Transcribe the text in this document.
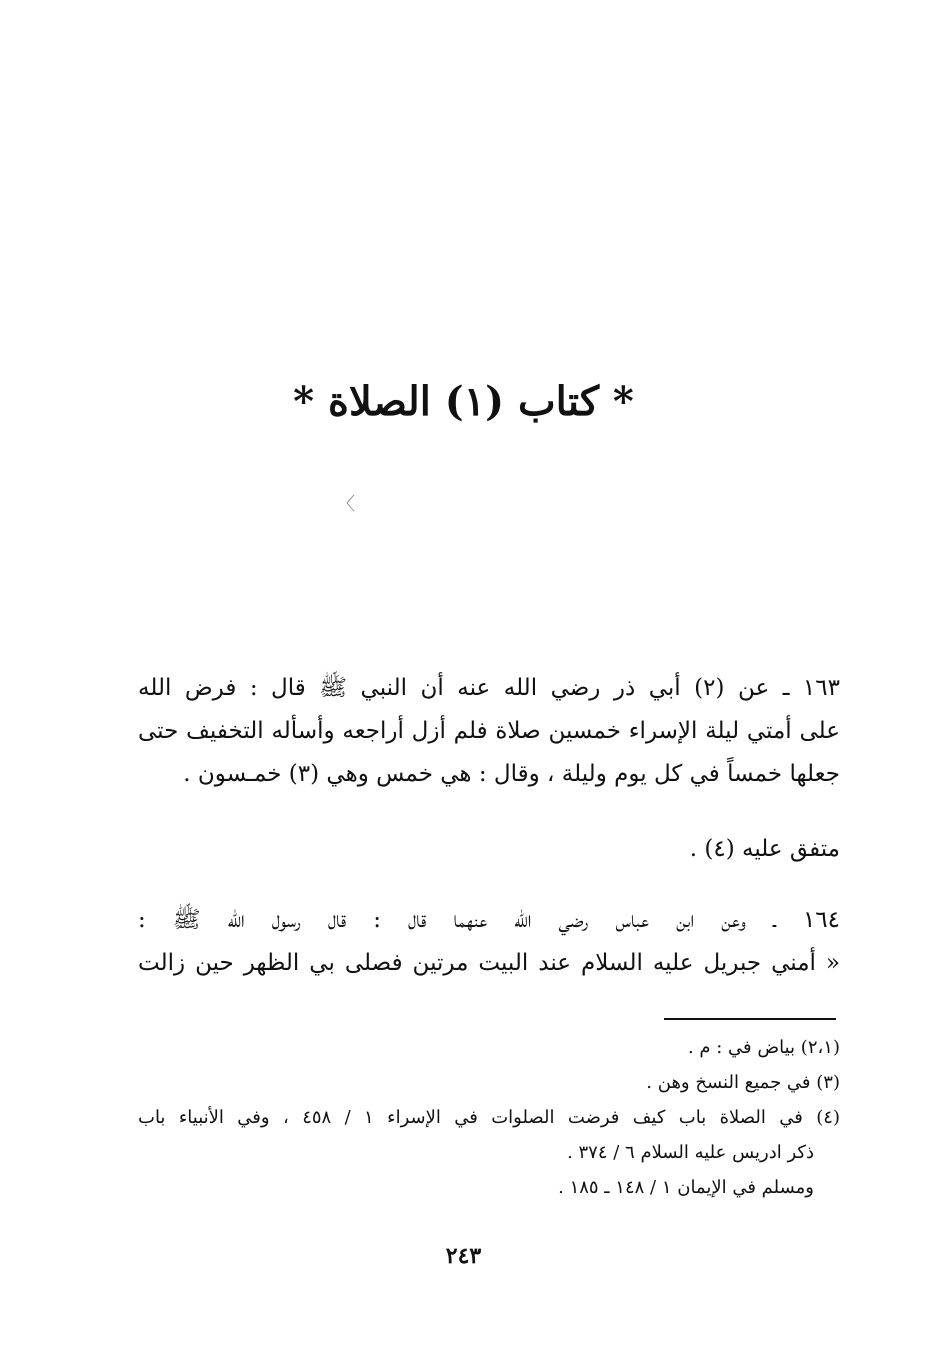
* كتاب (١) الصلاة *
〉
١٦٣ ـ عن (٢) أبي ذر رضي الله عنه أن النبي ﷺ قال : فرض الله
على أمتي ليلة الإسراء خمسين صلاة فلم أزل أراجعه وأسأله التخفيف حتى
جعلها خمساً في كل يوم وليلة ، وقال : هي خمس وهي (٣) خمـسون .
متفق عليه (٤) .
١٦٤ ـ وعن ابن عباس رضي الله عنهما قال : قال رسول الله ﷺ :
« أمني جبريل عليه السلام عند البيت مرتين فصلى بي الظهر حين زالت
(٢،١) بياض في : م .
(٣) في جميع النسخ وهن .
(٤) في الصلاة باب كيف فرضت الصلوات في الإسراء ١ / ٤٥٨ ، وفي الأنبياء باب
ذكر ادريس عليه السلام ٦ / ٣٧٤ .
ومسلم في الإيمان ١ / ١٤٨ ـ ١٨٥ .
٢٤٣
